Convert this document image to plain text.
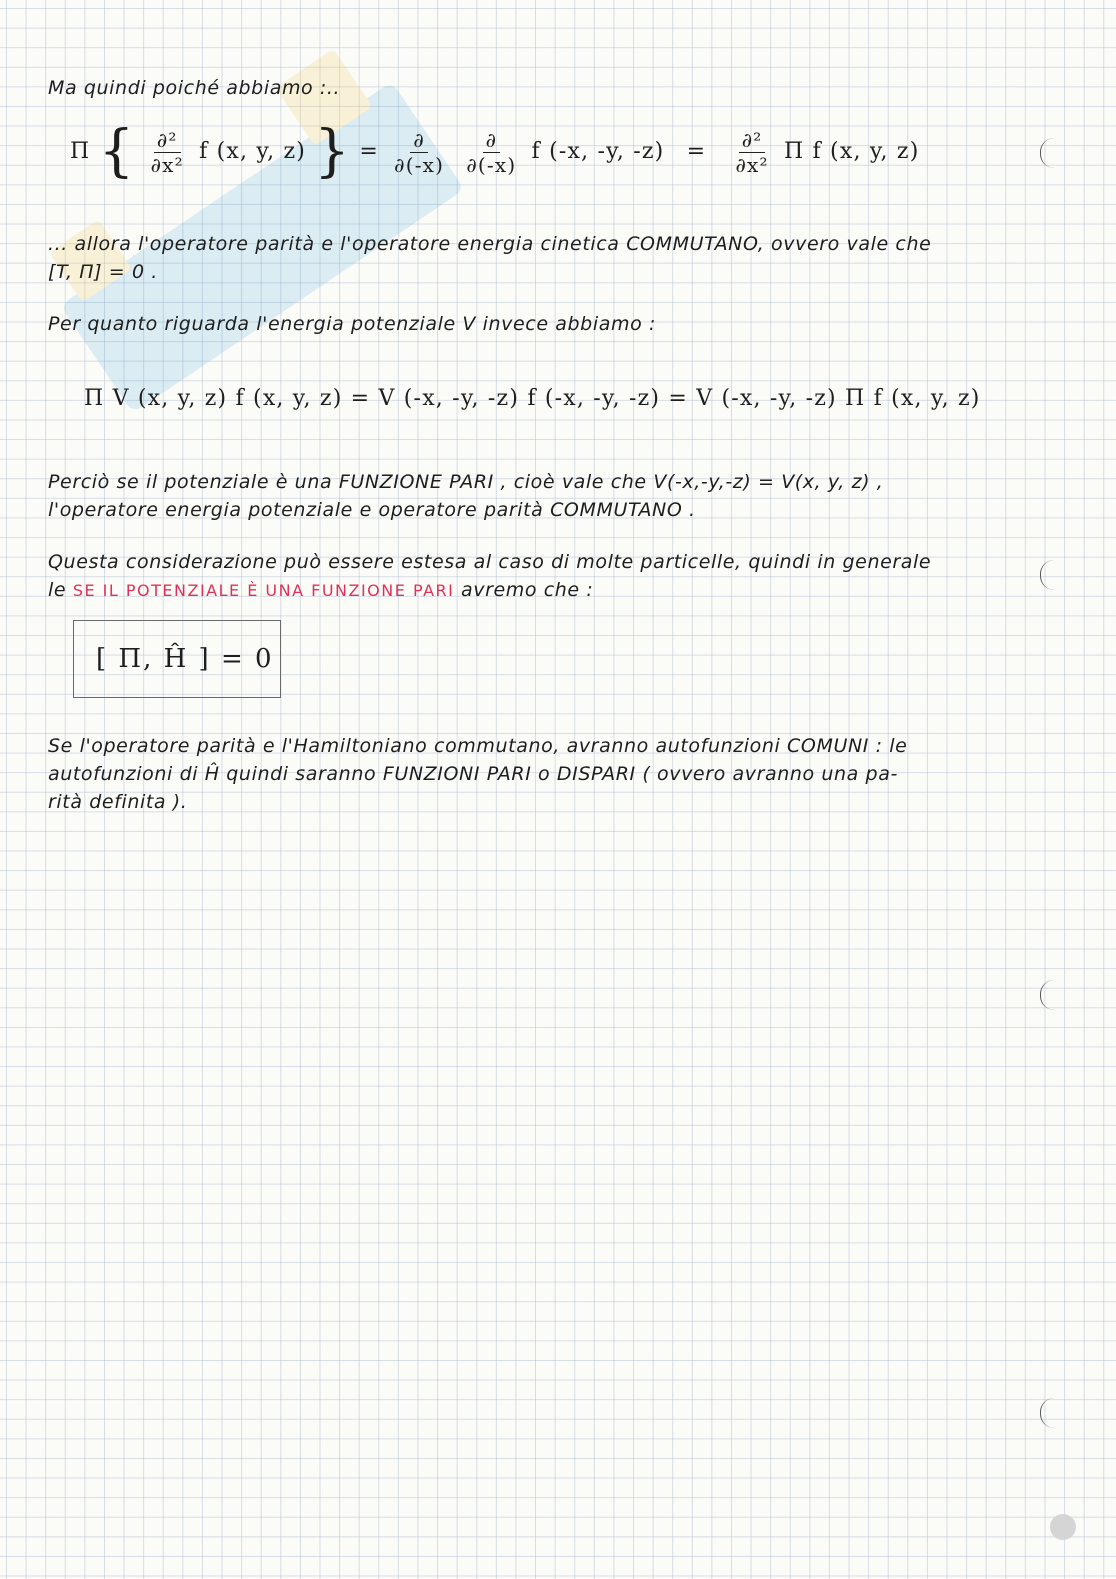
Ma quindi poiché abbiamo :..
Π { $\frac{\text{∂²}}{\text{∂x²}}$ f (x, y, z) } = $\frac{\partial}{\partial(-x)}$
$\frac{\partial}{\partial(-x)}$ f (-x, -y, $-z) = \frac{\text{∂²}}{\text{∂x²}}$ Π f (x, y, z)
... allora l'operatore parità e l'operatore energia cinetica COMMUTANO, ovvero vale che
[T, Π] = 0 .
Per quanto riguarda l'energia potenziale V invece abbiamo :
Π V (x, y, z) f (x, y, z) = V (-x, -y, -z) f (-x, -y, -z) = V (-x, -y, -z) Π f (x, y, z)
Perciò se il potenziale è una FUNZIONE PARI , cioè vale che V(-x,-y,-z) = V(x, y, z) ,
l'operatore energia potenziale e operatore parità COMMUTANO .
Questa considerazione può essere estesa al caso di molte particelle, quindi in generale
le SE IL POTENZIALE È UNA FUNZIONE PARI avremo che :
[ Π, Ĥ ] = 0
Se l'operatore parità e l'Hamiltoniano commutano, avranno autofunzioni COMUNI : le
autofunzioni di Ĥ quindi saranno FUNZIONI PARI o DISPARI ( ovvero avranno una pa-
rità definita ).
